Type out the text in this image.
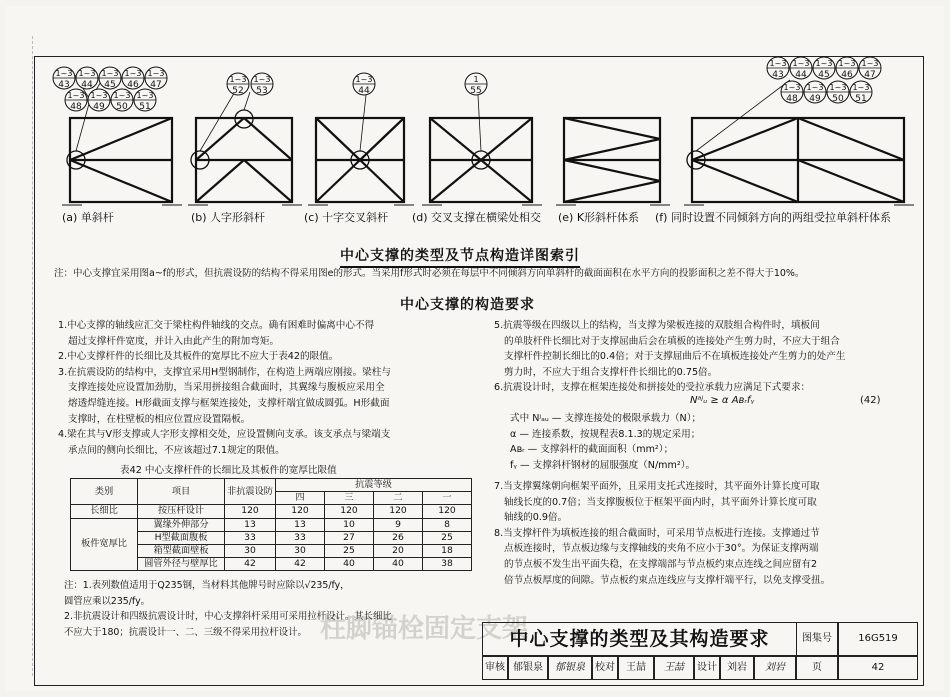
柱脚锚栓固定支架
1~3
43
1~3
44
1~3
45
1~3
46
1~3
47
1~3
48
1~3
49
1~3
50
1~3
51
1~3
52
1~3
53
1~3
44
1
55
1~3
43
1~3
44
1~3
45
1~3
46
1~3
47
1~3
48
1~3
49
1~3
50
1~3
51
(a) 单斜杆	(b) 人字形斜杆	(c) 十字交叉斜杆 (d) 交叉支撑在横梁处相交 (e) K形斜杆体系 (f) 同时设置不同倾斜方向的两组受拉单斜杆体系
中心支撑的类型及节点构造详图索引
注：中心支撑宜采用图a~f的形式，但抗震设防的结构不得采用图e的形式。当采用f形式时必须在每层中不同倾斜方向单斜杆的截面面积在水平方向的投影面积之差不得大于10%。
中心支撑的构造要求

1.中心支撑的轴线应汇交于梁柱构件轴线的交点。确有困难时偏离中心不得

超过支撑杆件宽度，并计入由此产生的附加弯矩。

2.中心支撑杆件的长细比及其板件的宽厚比不应大于表42的限值。

3.在抗震设防的结构中，支撑宜采用H型钢制作，在构造上两端应刚接。梁柱与

支撑连接处应设置加劲肋，当采用拼接组合截面时，其翼缘与腹板应采用全

熔透焊缝连接。H形截面支撑与框架连接处，支撑杆端宜做成圆弧。H形截面

支撑时，在柱壁板的相应位置应设置隔板。

4.梁在其与V形支撑或人字形支撑相交处，应设置侧向支承。该支承点与梁端支

承点间的侧向长细比，不应该超过7.1规定的限值。

表42 中心支撑杆件的长细比及其板件的宽厚比限值
类别	项目	非抗震设防	抗震等级			
			四	三	二	一
长细比	按压杆设计	120	120	120	120	120
板件宽厚比	翼缘外伸部分	13	13	10	9	8
	H型截面腹板	33	33	27	26	25
	箱型截面壁板	30	30	25	20	18
	圆管外径与壁厚比	42	42	40	40	38

注：1.表列数值适用于Q235钢，当材料其他牌号时应除以√235/fy，

圆管应乘以235/fy。

2.非抗震设计和四级抗震设计时，中心支撑斜杆采用可采用拉杆设计。其长细比

不应大于180；抗震设计一、二、三级不得采用拉杆设计。

5.抗震等级在四级以上的结构，当支撑为梁板连接的双肢组合构件时，填板间

的单肢杆件长细比对于支撑屈曲后会在填板的连接处产生剪力时，不应大于组合

支撑杆件控制长细比的0.4倍；对于支撑屈曲后不在填板连接处产生剪力的处产生

剪力时，不应大于组合支撑杆件长细比的0.75倍。

6.抗震设计时，支撑在框架连接处和拼接处的受拉承载力应满足下式要求：

Nᵃʲᵤ ≥ α Aʙᵣfᵧ	(42)

式中 Nʲₐᵤ — 支撑连接处的极限承载力（N）；

α — 连接系数，按规程表8.1.3的规定采用；

Aʙᵣ — 支撑斜杆的截面面积（mm²）；

fᵧ — 支撑斜杆钢材的屈服强度（N/mm²）。

7.当支撑翼缘朝向框架平面外，且采用支托式连接时，其平面外计算长度可取

轴线长度的0.7倍；当支撑腹板位于框架平面内时，其平面外计算长度可取

轴线的0.9倍。

8.当支撑杆件为填板连接的组合截面时，可采用节点板进行连接。支撑通过节

点板连接时，节点板边缘与支撑轴线的夹角不应小于30°。为保证支撑两端

的节点板不发生出平面失稳，在支撑端部与节点板约束点连线之间应留有2

倍节点板厚度的间隙。节点板约束点连线应与支撑杆端平行，以免支撑受扭。

中心支撑的类型及其构造要求	图集号	16G519
审核 郁银泉	郁银泉	校对	王喆	王喆	设计	刘岩	刘岩	页	42
